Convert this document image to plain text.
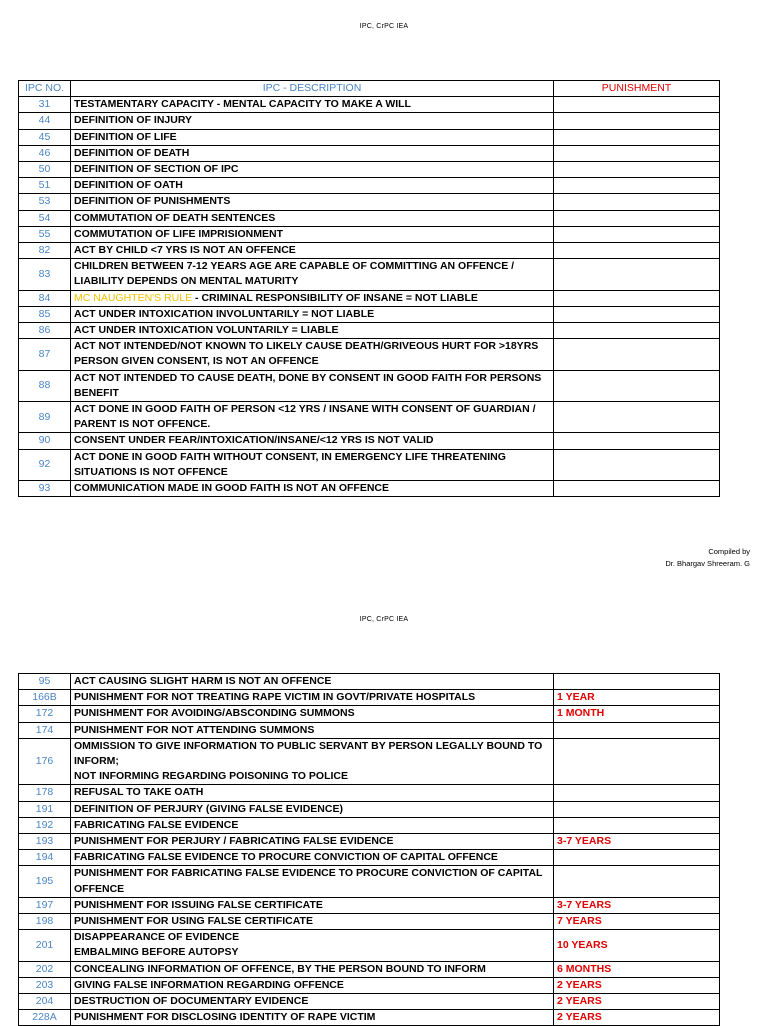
IPC, CrPC IEA
IPC NO.	IPC - DESCRIPTION	PUNISHMENT
31	TESTAMENTARY CAPACITY - MENTAL CAPACITY TO MAKE A WILL	
44	DEFINITION OF INJURY	
45	DEFINITION OF LIFE	
46	DEFINITION OF DEATH	
50	DEFINITION OF SECTION OF IPC	
51	DEFINITION OF OATH	
53	DEFINITION OF PUNISHMENTS	
54	COMMUTATION OF DEATH SENTENCES	
55	COMMUTATION OF LIFE IMPRISIONMENT	
82	ACT BY CHILD <7 YRS IS NOT AN OFFENCE	
83	CHILDREN BETWEEN 7-12 YEARS AGE ARE CAPABLE OF COMMITTING AN OFFENCE / LIABILITY DEPENDS ON MENTAL MATURITY	
84	MC NAUGHTEN'S RULE - CRIMINAL RESPONSIBILITY OF INSANE = NOT LIABLE	
85	ACT UNDER INTOXICATION INVOLUNTARILY = NOT LIABLE	
86	ACT UNDER INTOXICATION VOLUNTARILY = LIABLE	
87	ACT NOT INTENDED/NOT KNOWN TO LIKELY CAUSE DEATH/GRIVEOUS HURT FOR >18YRS PERSON GIVEN CONSENT, IS NOT AN OFFENCE	
88	ACT NOT INTENDED TO CAUSE DEATH, DONE BY CONSENT IN GOOD FAITH FOR PERSONS BENEFIT	
89	ACT DONE IN GOOD FAITH OF PERSON <12 YRS / INSANE WITH CONSENT OF GUARDIAN / PARENT IS NOT OFFENCE.	
90	CONSENT UNDER FEAR/INTOXICATION/INSANE/<12 YRS IS NOT VALID	
92	ACT DONE IN GOOD FAITH WITHOUT CONSENT, IN EMERGENCY LIFE THREATENING SITUATIONS IS NOT OFFENCE	
93	COMMUNICATION MADE IN GOOD FAITH IS NOT AN OFFENCE	
Compiled by
Dr. Bhargav Shreeram. G
IPC, CrPC IEA
95	ACT CAUSING SLIGHT HARM IS NOT AN OFFENCE	
166B	PUNISHMENT FOR NOT TREATING RAPE VICTIM IN GOVT/PRIVATE HOSPITALS	1 YEAR
172	PUNISHMENT FOR AVOIDING/ABSCONDING SUMMONS	1 MONTH
174	PUNISHMENT FOR NOT ATTENDING SUMMONS	
176	OMMISSION TO GIVE INFORMATION TO PUBLIC SERVANT BY PERSON LEGALLY BOUND TO INFORM;
NOT INFORMING REGARDING POISONING TO POLICE	
178	REFUSAL TO TAKE OATH	
191	DEFINITION OF PERJURY (GIVING FALSE EVIDENCE)	
192	FABRICATING FALSE EVIDENCE	
193	PUNISHMENT FOR PERJURY / FABRICATING FALSE EVIDENCE	3-7 YEARS
194	FABRICATING FALSE EVIDENCE TO PROCURE CONVICTION OF CAPITAL OFFENCE	
195	PUNISHMENT FOR FABRICATING FALSE EVIDENCE TO PROCURE CONVICTION OF CAPITAL OFFENCE	
197	PUNISHMENT FOR ISSUING FALSE CERTIFICATE	3-7 YEARS
198	PUNISHMENT FOR USING FALSE CERTIFICATE	7 YEARS
201	DISAPPEARANCE OF EVIDENCE
EMBALMING BEFORE AUTOPSY	10 YEARS
202	CONCEALING INFORMATION OF OFFENCE, BY THE PERSON BOUND TO INFORM	6 MONTHS
203	GIVING FALSE INFORMATION REGARDING OFFENCE	2 YEARS
204	DESTRUCTION OF DOCUMENTARY EVIDENCE	2 YEARS
228A	PUNISHMENT FOR DISCLOSING IDENTITY OF RAPE VICTIM	2 YEARS
